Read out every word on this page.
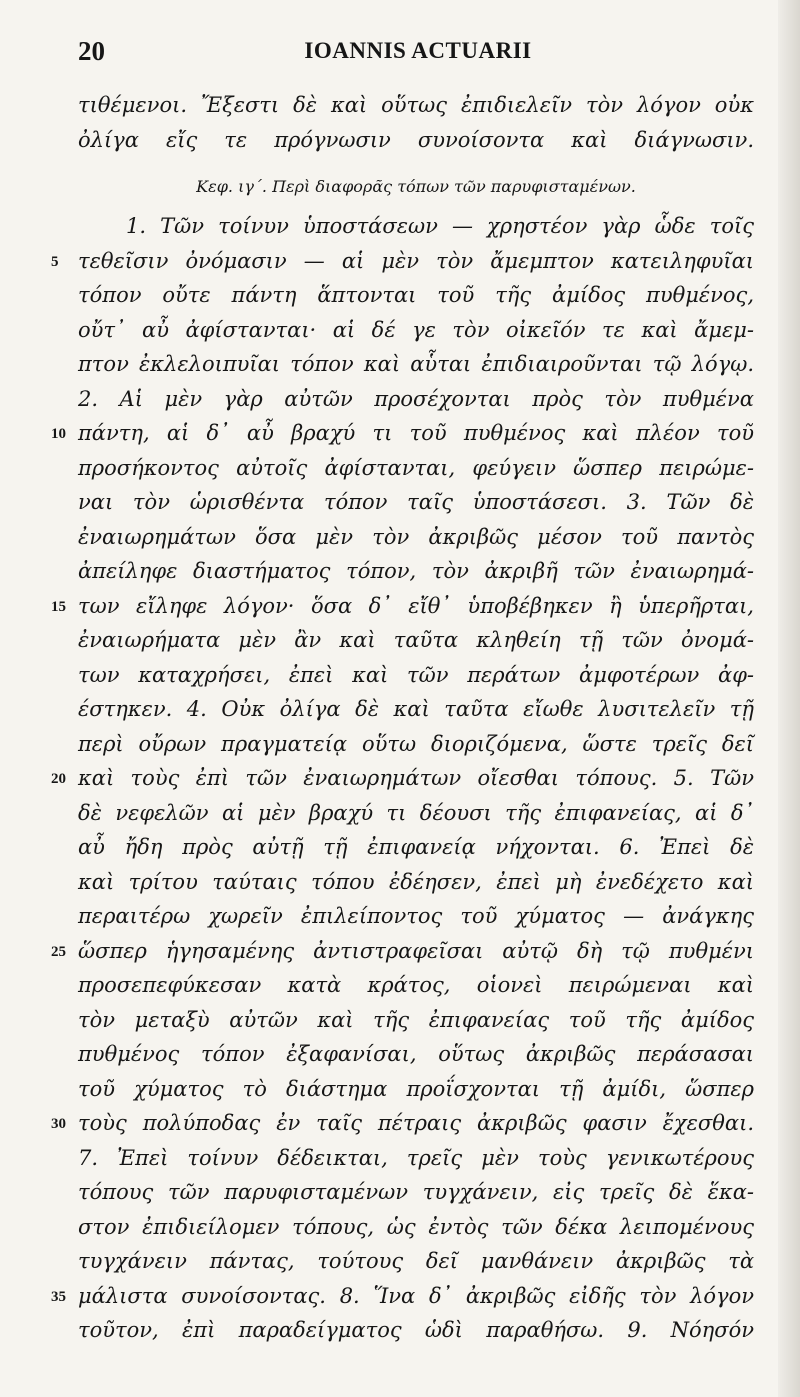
20	IOANNIS ACTUARII
τιθέμενοι. Ἔξεστι δὲ καὶ οὕτως ἐπιδιελεῖν τὸν λόγον οὐκ
ὀλίγα εἴς τε πρόγνωσιν συνοίσοντα καὶ διάγνωσιν.
Κεφ. ιγ΄. Περὶ διαφορᾶς τόπων τῶν παρυφισταμένων.
1. Τῶν τοίνυν ὑποστάσεων — χρηστέον γὰρ ὧδε τοῖς
5 τεθεῖσιν ὀνόμασιν — αἱ μὲν τὸν ἄμεμπτον κατειληφυῖαι
τόπον οὔτε πάντη ἅπτονται τοῦ τῆς ἀμίδος πυθμένος,
οὔτ᾽ αὖ ἀφίστανται· αἱ δέ γε τὸν οἰκεῖόν τε καὶ ἄμεμ-
πτον ἐκλελοιπυῖαι τόπον καὶ αὗται ἐπιδιαιροῦνται τῷ λόγῳ.
2. Αἱ μὲν γὰρ αὐτῶν προσέχονται πρὸς τὸν πυθμένα
10 πάντη, αἱ δ᾽ αὖ βραχύ τι τοῦ πυθμένος καὶ πλέον τοῦ
προσήκοντος αὐτοῖς ἀφίστανται, φεύγειν ὥσπερ πειρώμε-
ναι τὸν ὡρισθέντα τόπον ταῖς ὑποστάσεσι. 3. Τῶν δὲ
ἐναιωρημάτων ὅσα μὲν τὸν ἀκριβῶς μέσον τοῦ παντὸς
ἀπείληφε διαστήματος τόπον, τὸν ἀκριβῆ τῶν ἐναιωρημά-
15 των εἴληφε λόγον· ὅσα δ᾽ εἴθ᾽ ὑποβέβηκεν ἢ ὑπερῆρται,
ἐναιωρήματα μὲν ἂν καὶ ταῦτα κληθείη τῇ τῶν ὀνομά-
των καταχρήσει, ἐπεὶ καὶ τῶν περάτων ἀμφοτέρων ἀφ-
έστηκεν. 4. Οὐκ ὀλίγα δὲ καὶ ταῦτα εἴωθε λυσιτελεῖν τῇ
περὶ οὔρων πραγματείᾳ οὕτω διοριζόμενα, ὥστε τρεῖς δεῖ
20 καὶ τοὺς ἐπὶ τῶν ἐναιωρημάτων οἴεσθαι τόπους. 5. Τῶν
δὲ νεφελῶν αἱ μὲν βραχύ τι δέουσι τῆς ἐπιφανείας, αἱ δ᾽
αὖ ἤδη πρὸς αὐτῇ τῇ ἐπιφανείᾳ νήχονται. 6. Ἐπεὶ δὲ
καὶ τρίτου ταύταις τόπου ἐδέησεν, ἐπεὶ μὴ ἐνεδέχετο καὶ
περαιτέρω χωρεῖν ἐπιλείποντος τοῦ χύματος — ἀνάγκης
25 ὥσπερ ἡγησαμένης ἀντιστραφεῖσαι αὐτῷ δὴ τῷ πυθμένι
προσεπεφύκεσαν κατὰ κράτος, οἱονεὶ πειρώμεναι καὶ
τὸν μεταξὺ αὐτῶν καὶ τῆς ἐπιφανείας τοῦ τῆς ἀμίδος
πυθμένος τόπον ἐξαφανίσαι, οὕτως ἀκριβῶς περάσασαι
τοῦ χύματος τὸ διάστημα προΐσχονται τῇ ἀμίδι, ὥσπερ
30 τοὺς πολύποδας ἐν ταῖς πέτραις ἀκριβῶς φασιν ἔχεσθαι.
7. Ἐπεὶ τοίνυν δέδεικται, τρεῖς μὲν τοὺς γενικωτέρους
τόπους τῶν παρυφισταμένων τυγχάνειν, εἰς τρεῖς δὲ ἕκα-
στον ἐπιδιείλομεν τόπους, ὡς ἐντὸς τῶν δέκα λειπομένους
τυγχάνειν πάντας, τούτους δεῖ μανθάνειν ἀκριβῶς τὰ
35 μάλιστα συνοίσοντας. 8. Ἵνα δ᾽ ἀκριβῶς εἰδῆς τὸν λόγον
τοῦτον, ἐπὶ παραδείγματος ὡδὶ παραθήσω. 9. Νόησόν
